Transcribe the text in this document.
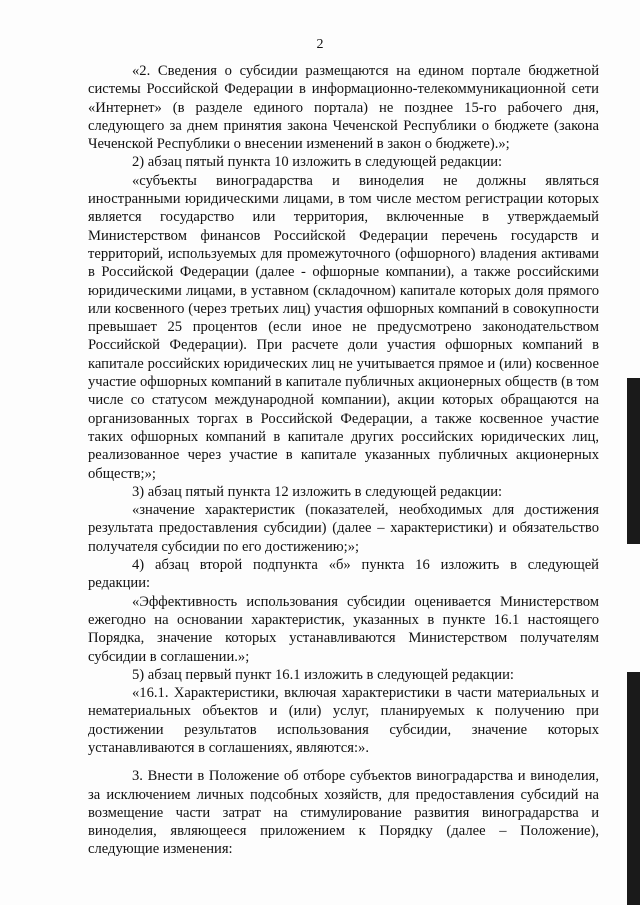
2

«2. Сведения о субсидии размещаются на едином портале бюджетной системы Российской Федерации в информационно-телекоммуникационной сети «Интернет» (в разделе единого портала) не позднее 15-го рабочего дня, следующего за днем принятия закона Чеченской Республики о бюджете (закона Чеченской Республики о внесении изменений в закон о бюджете).»;

2) абзац пятый пункта 10 изложить в следующей редакции:

«субъекты виноградарства и виноделия не должны являться иностранными юридическими лицами, в том числе местом регистрации которых является государство или территория, включенные в утверждаемый Министерством финансов Российской Федерации перечень государств и территорий, используемых для промежуточного (офшорного) владения активами в Российской Федерации (далее - офшорные компании), а также российскими юридическими лицами, в уставном (складочном) капитале которых доля прямого или косвенного (через третьих лиц) участия офшорных компаний в совокупности превышает 25 процентов (если иное не предусмотрено законодательством Российской Федерации). При расчете доли участия офшорных компаний в капитале российских юридических лиц не учитывается прямое и (или) косвенное участие офшорных компаний в капитале публичных акционерных обществ (в том числе со статусом международной компании), акции которых обращаются на организованных торгах в Российской Федерации, а также косвенное участие таких офшорных компаний в капитале других российских юридических лиц, реализованное через участие в капитале указанных публичных акционерных обществ;»;

3) абзац пятый пункта 12 изложить в следующей редакции:

«значение характеристик (показателей, необходимых для достижения результата предоставления субсидии) (далее – характеристики) и обязательство получателя субсидии по его достижению;»;

4) абзац второй подпункта «б» пункта 16 изложить в следующей редакции:

«Эффективность использования субсидии оценивается Министерством ежегодно на основании характеристик, указанных в пункте 16.1 настоящего Порядка, значение которых устанавливаются Министерством получателям субсидии в соглашении.»;

5) абзац первый пункт 16.1 изложить в следующей редакции:

«16.1. Характеристики, включая характеристики в части материальных и нематериальных объектов и (или) услуг, планируемых к получению при достижении результатов использования субсидии, значение которых устанавливаются в соглашениях, являются:».

3. Внести в Положение об отборе субъектов виноградарства и виноделия, за исключением личных подсобных хозяйств, для предоставления субсидий на возмещение части затрат на стимулирование развития виноградарства и виноделия, являющееся приложением к Порядку (далее – Положение), следующие изменения:
